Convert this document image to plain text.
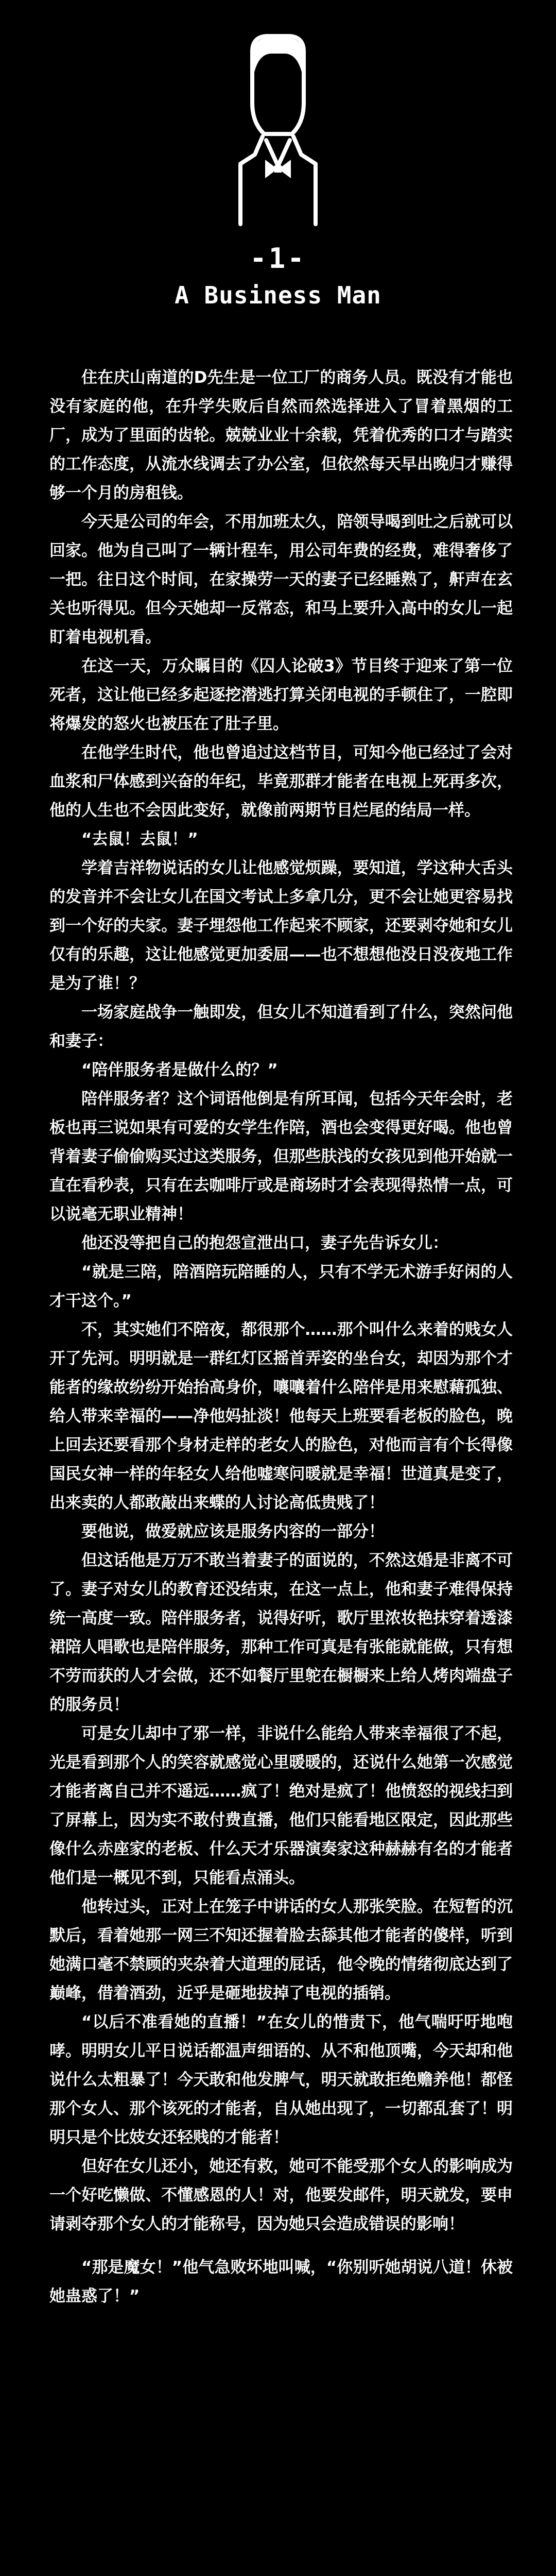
-1-
A Business Man

住在庆山南道的D先生是一位工厂的商务人员。既没有才能也没有家庭的他，在升学失败后自然而然选择进入了冒着黑烟的工厂，成为了里面的齿轮。兢兢业业十余载，凭着优秀的口才与踏实的工作态度，从流水线调去了办公室，但依然每天早出晚归才赚得够一个月的房租钱。

今天是公司的年会，不用加班太久，陪领导喝到吐之后就可以回家。他为自己叫了一辆计程车，用公司年费的经费，难得奢侈了一把。往日这个时间，在家操劳一天的妻子已经睡熟了，鼾声在玄关也听得见。但今天她却一反常态，和马上要升入高中的女儿一起盯着电视机看。

在这一天，万众瞩目的《囚人论破3》节目终于迎来了第一位死者，这让他已经多起逐挖潜逃打算关闭电视的手顿住了，一腔即将爆发的怒火也被压在了肚子里。

在他学生时代，他也曾追过这档节目，可知今他已经过了会对血浆和尸体感到兴奋的年纪，毕竟那群才能者在电视上死再多次，他的人生也不会因此变好，就像前两期节目烂尾的结局一样。

“去鼠！去鼠！”

学着吉祥物说话的女儿让他感觉烦躁，要知道，学这种大舌头的发音并不会让女儿在国文考试上多拿几分，更不会让她更容易找到一个好的夫家。妻子埋怨他工作起来不顾家，还要剥夺她和女儿仅有的乐趣，这让他感觉更加委屈——也不想想他没日没夜地工作是为了谁！？

一场家庭战争一触即发，但女儿不知道看到了什么，突然问他和妻子：

“陪伴服务者是做什么的？”

陪伴服务者？这个词语他倒是有所耳闻，包括今天年会时，老板也再三说如果有可爱的女学生作陪，酒也会变得更好喝。他也曾背着妻子偷偷购买过这类服务，但那些肤浅的女孩见到他开始就一直在看秒表，只有在去咖啡厅或是商场时才会表现得热情一点，可以说毫无职业精神！

他还没等把自己的抱怨宣泄出口，妻子先告诉女儿：

“就是三陪，陪酒陪玩陪睡的人，只有不学无术游手好闲的人才干这个。”

不，其实她们不陪夜，都很那个……那个叫什么来着的贱女人开了先河。明明就是一群红灯区摇首弄姿的坐台女，却因为那个才能者的缘故纷纷开始抬高身价，嚷嚷着什么陪伴是用来慰藉孤独、给人带来幸福的——净他妈扯淡！他每天上班要看老板的脸色，晚上回去还要看那个身材走样的老女人的脸色，对他而言有个长得像国民女神一样的年轻女人给他嘘寒问暖就是幸福！世道真是变了，出来卖的人都敢敲出来蝶的人讨论高低贵贱了！

要他说，做爱就应该是服务内容的一部分！

但这话他是万万不敢当着妻子的面说的，不然这婚是非离不可了。妻子对女儿的教育还没结束，在这一点上，他和妻子难得保持统一高度一致。陪伴服务者，说得好听，歌厅里浓妆艳抹穿着透漆裙陪人唱歌也是陪伴服务，那种工作可真是有张能就能做，只有想不劳而获的人才会做，还不如餐厅里鸵在橱橱来上给人烤肉端盘子的服务员！

可是女儿却中了邪一样，非说什么能给人带来幸福很了不起，光是看到那个人的笑容就感觉心里暖暖的，还说什么她第一次感觉才能者离自己并不遥远……疯了！绝对是疯了！他愤怒的视线扫到了屏幕上，因为实不敢付费直播，他们只能看地区限定，因此那些像什么赤座家的老板、什么天才乐器演奏家这种赫赫有名的才能者他们是一概见不到，只能看点涌头。

他转过头，正对上在笼子中讲话的女人那张笑脸。在短暂的沉默后，看着她那一网三不知还握着脸去舔其他才能者的傻样，听到她满口毫不禁顾的夹杂着大道理的屁话，他令晚的情绪彻底达到了巅峰，借着酒劲，近乎是砸地拔掉了电视的插销。

“以后不准看她的直播！”在女儿的惜责下，他气喘吁吁地咆哮。明明女儿平日说话都温声细语的、从不和他顶嘴，今天却和他说什么太粗暴了！今天敢和他发脾气，明天就敢拒绝赡养他！都怪那个女人、那个该死的才能者，自从她出现了，一切都乱套了！明明只是个比妓女还轻贱的才能者！

但好在女儿还小，她还有救，她可不能受那个女人的影响成为一个好吃懒做、不懂感恩的人！对，他要发邮件，明天就发，要申请剥夺那个女人的才能称号，因为她只会造成错误的影响！

“那是魔女！”他气急败坏地叫喊，“你别听她胡说八道！休被她蛊惑了！”
